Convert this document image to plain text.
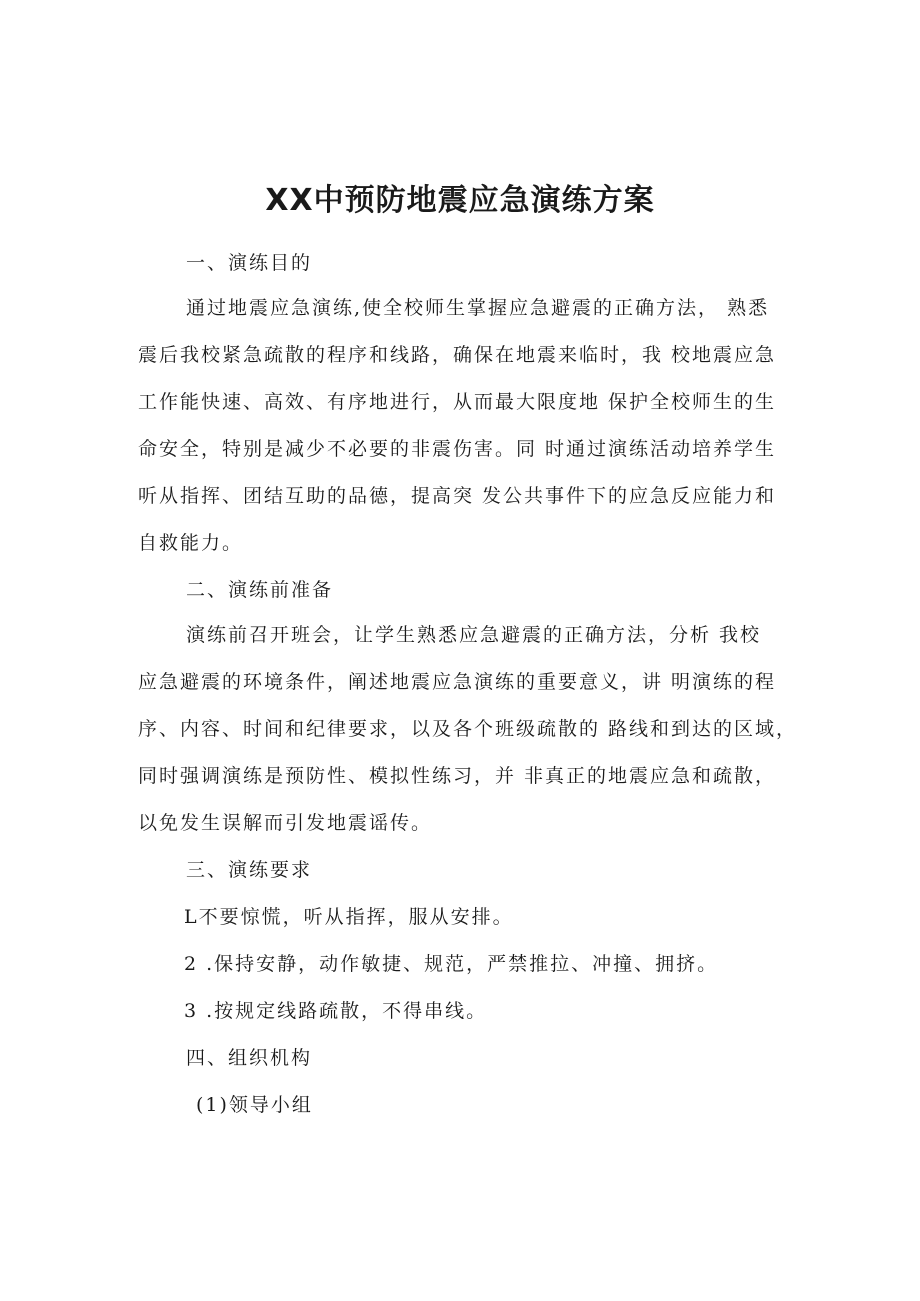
XX中预防地震应急演练方案

一、演练目的

通过地震应急演练,使全校师生掌握应急避震的正确方法， 熟悉
震后我校紧急疏散的程序和线路，确保在地震来临时，我 校地震应急
工作能快速、高效、有序地进行，从而最大限度地 保护全校师生的生
命安全，特别是减少不必要的非震伤害。同 时通过演练活动培养学生
听从指挥、团结互助的品德，提高突 发公共事件下的应急反应能力和
自救能力。

二、演练前准备

演练前召开班会，让学生熟悉应急避震的正确方法，分析 我校
应急避震的环境条件，阐述地震应急演练的重要意义，讲 明演练的程
序、内容、时间和纪律要求，以及各个班级疏散的 路线和到达的区域，
同时强调演练是预防性、模拟性练习，并 非真正的地震应急和疏散，
以免发生误解而引发地震谣传。

三、演练要求

L不要惊慌，听从指挥，服从安排。

2 .保持安静，动作敏捷、规范，严禁推拉、冲撞、拥挤。

3 .按规定线路疏散，不得串线。

四、组织机构

(1)领导小组
